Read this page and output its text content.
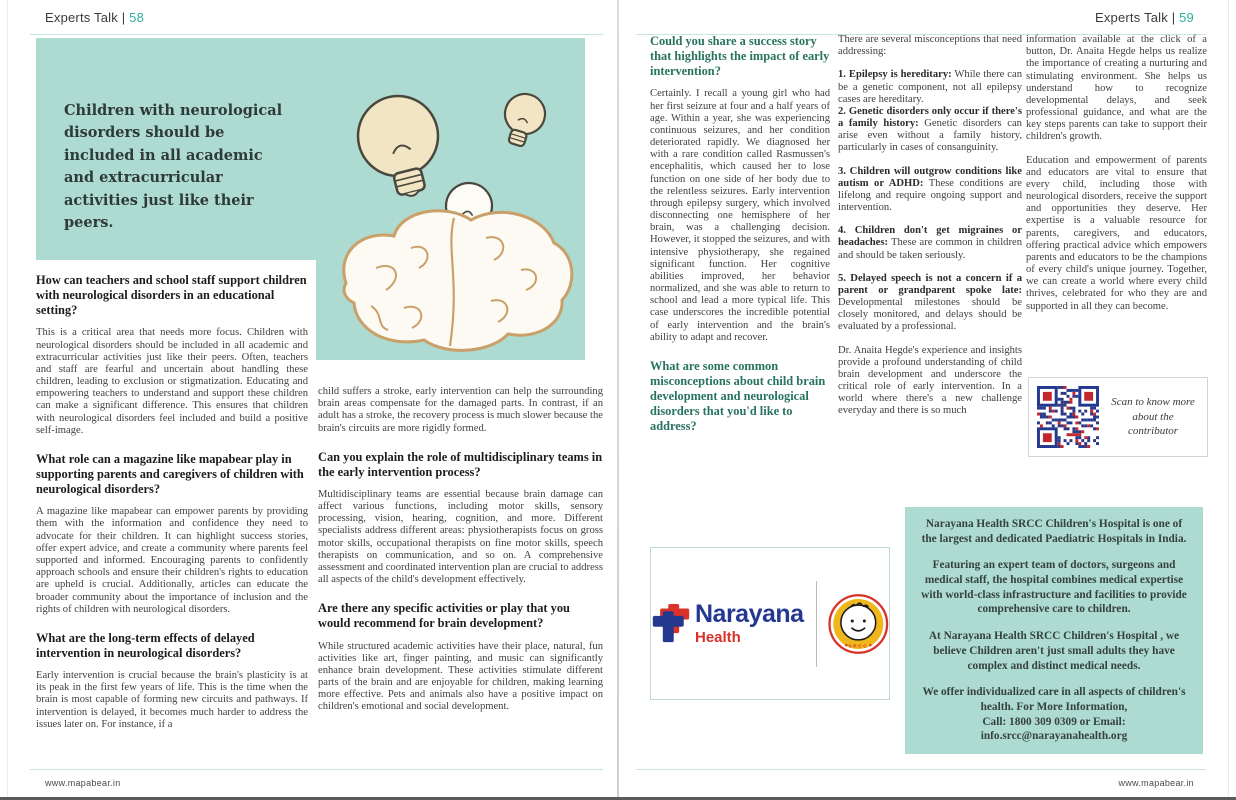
Experts Talk | 58

Children with neurological disorders should be included in all academic and extracurricular activities just like their peers.

How can teachers and school staff support children with neurological disorders in an educational setting?

This is a critical area that needs more focus. Children with neurological disorders should be included in all academic and extracurricular activities just like their peers. Often, teachers and staff are fearful and uncertain about handling these children, leading to exclusion or stigmatization. Educating and empowering teachers to understand and support these children can make a significant difference. This ensures that children with neurological disorders feel included and build a positive self-image.

What role can a magazine like mapabear play in supporting parents and caregivers of children with neurological disorders?

A magazine like mapabear can empower parents by providing them with the information and confidence they need to advocate for their children. It can highlight success stories, offer expert advice, and create a community where parents feel supported and informed. Encouraging parents to confidently approach schools and ensure their children's rights to education are upheld is crucial. Additionally, articles can educate the broader community about the importance of inclusion and the rights of children with neurological disorders.

What are the long-term effects of delayed intervention in neurological disorders?

Early intervention is crucial because the brain's plasticity is at its peak in the first few years of life. This is the time when the brain is most capable of forming new circuits and pathways. If intervention is delayed, it becomes much harder to address the issues later on. For instance, if a

child suffers a stroke, early intervention can help the surrounding brain areas compensate for the damaged parts. In contrast, if an adult has a stroke, the recovery process is much slower because the brain's circuits are more rigidly formed.

Can you explain the role of multidisciplinary teams in the early intervention process?

Multidisciplinary teams are essential because brain damage can affect various functions, including motor skills, sensory processing, vision, hearing, cognition, and more. Different specialists address different areas: physiotherapists focus on gross motor skills, occupational therapists on fine motor skills, speech therapists on communication, and so on. A comprehensive assessment and coordinated intervention plan are crucial to address all aspects of the child's development effectively.

Are there any specific activities or play that you would recommend for brain development?

While structured academic activities have their place, natural, fun activities like art, finger painting, and music can significantly enhance brain development. These activities stimulate different parts of the brain and are enjoyable for children, making learning more effective. Pets and animals also have a positive impact on children's emotional and social development.

www.mapabear.in
Experts Talk | 59
Could you share a success story that highlights the impact of early intervention?

Certainly. I recall a young girl who had her first seizure at four and a half years of age. Within a year, she was experiencing continuous seizures, and her condition deteriorated rapidly. We diagnosed her with a rare condition called Rasmussen's encephalitis, which caused her to lose function on one side of her body due to the relentless seizures. Early intervention through epilepsy surgery, which involved disconnecting one hemisphere of her brain, was a challenging decision. However, it stopped the seizures, and with intensive physiotherapy, she regained significant function. Her cognitive abilities improved, her behavior normalized, and she was able to return to school and lead a more typical life. This case underscores the incredible potential of early intervention and the brain's ability to adapt and recover.

What are some common misconceptions about child brain development and neurological disorders that you'd like to address?

There are several misconceptions that need addressing:

1. Epilepsy is hereditary: While there can be a genetic component, not all epilepsy cases are hereditary.

2. Genetic disorders only occur if there's a family history: Genetic disorders can arise even without a family history, particularly in cases of consanguinity.

3. Children will outgrow conditions like autism or ADHD: These conditions are lifelong and require ongoing support and intervention.

4. Children don't get migraines or headaches: These are common in children and should be taken seriously.

5. Delayed speech is not a concern if a parent or grandparent spoke late: Developmental milestones should be closely monitored, and delays should be evaluated by a professional.

Dr. Anaita Hegde's experience and insights provide a profound understanding of child brain development and underscore the critical role of early intervention. In a world where there's a new challenge everyday and there is so much

information available at the click of a button, Dr. Anaita Hegde helps us realize the importance of creating a nurturing and stimulating environment. She helps us understand how to recognize developmental delays, and seek professional guidance, and what are the key steps parents can take to support their children's growth.

Education and empowerment of parents and educators are vital to ensure that every child, including those with neurological disorders, receive the support and opportunities they deserve. Her expertise is a valuable resource for parents, caregivers, and educators, offering practical advice which empowers parents and educators to be the champions of every child's unique journey. Together, we can create a world where every child thrives, celebrated for who they are and supported in all they can become.

Scan to know more about the contributor
Narayana
Health
SRCC

Narayana Health SRCC Children's Hospital is one of the largest and dedicated Paediatric Hospitals in India.

Featuring an expert team of doctors, surgeons and medical staff, the hospital combines medical expertise with world-class infrastructure and facilities to provide comprehensive care to children.

At Narayana Health SRCC Children's Hospital , we believe Children aren't just small adults they have complex and distinct medical needs.

We offer individualized care in all aspects of children's health. For More Information,

Call: 1800 309 0309 or Email:

info.srcc@narayanahealth.org

www.mapabear.in
